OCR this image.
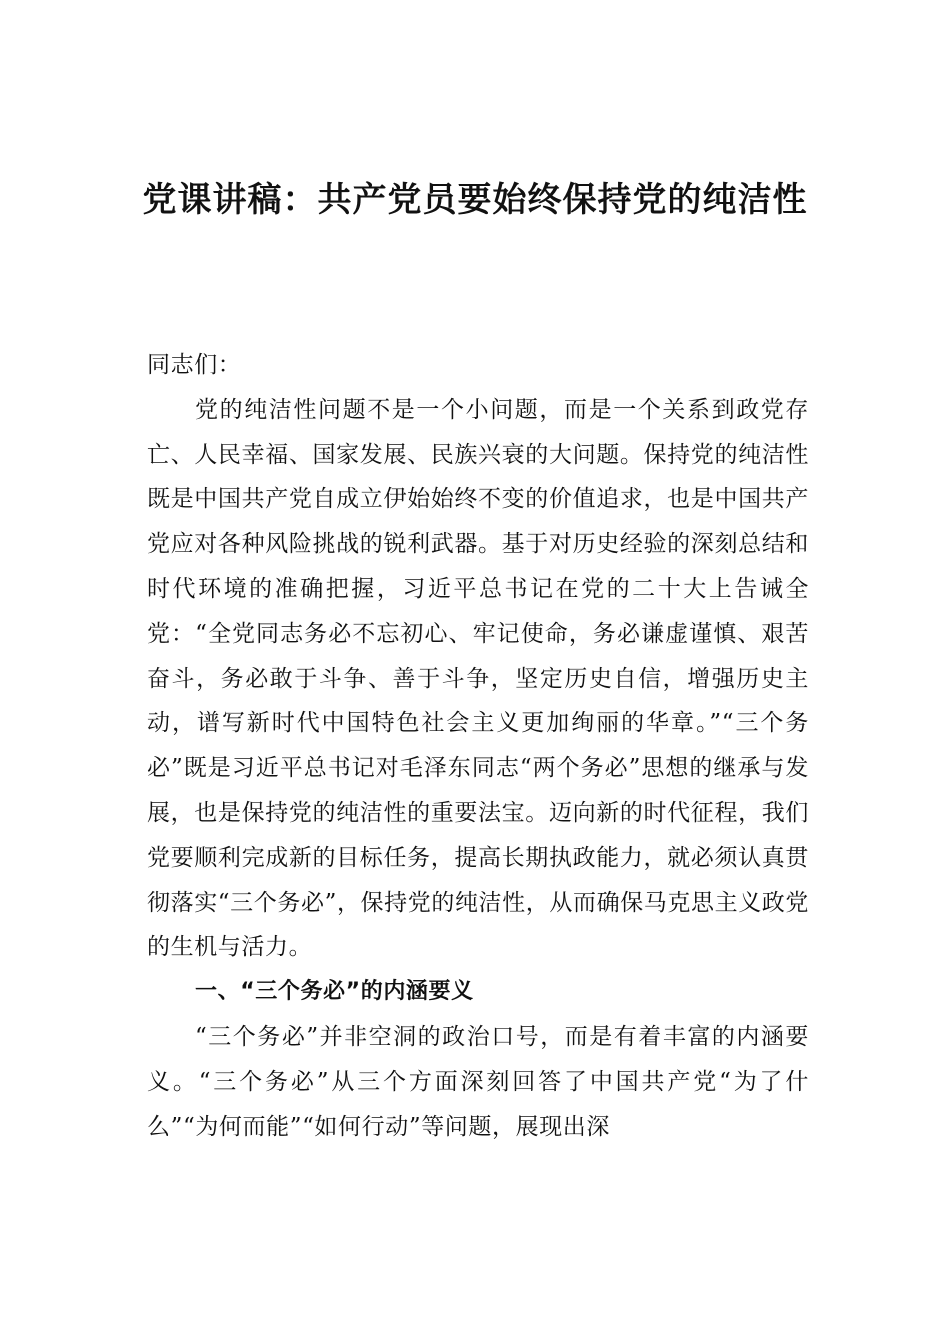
党课讲稿：共产党员要始终保持党的纯洁性

同志们：

党的纯洁性问题不是一个小问题，而是一个关系到政党存亡、人民幸福、国家发展、民族兴衰的大问题。保持党的纯洁性既是中国共产党自成立伊始始终不变的价值追求，也是中国共产党应对各种风险挑战的锐利武器。基于对历史经验的深刻总结和时代环境的准确把握，习近平总书记在党的二十大上告诫全党：“全党同志务必不忘初心、牢记使命，务必谦虚谨慎、艰苦奋斗，务必敢于斗争、善于斗争，坚定历史自信，增强历史主动，谱写新时代中国特色社会主义更加绚丽的华章。”“三个务必”既是习近平总书记对毛泽东同志“两个务必”思想的继承与发展，也是保持党的纯洁性的重要法宝。迈向新的时代征程，我们党要顺利完成新的目标任务，提高长期执政能力，就必须认真贯彻落实“三个务必”，保持党的纯洁性，从而确保马克思主义政党的生机与活力。

一、“三个务必”的内涵要义

“三个务必”并非空洞的政治口号，而是有着丰富的内涵要义。“三个务必”从三个方面深刻回答了中国共产党“为了什么”“为何而能”“如何行动”等问题，展现出深
